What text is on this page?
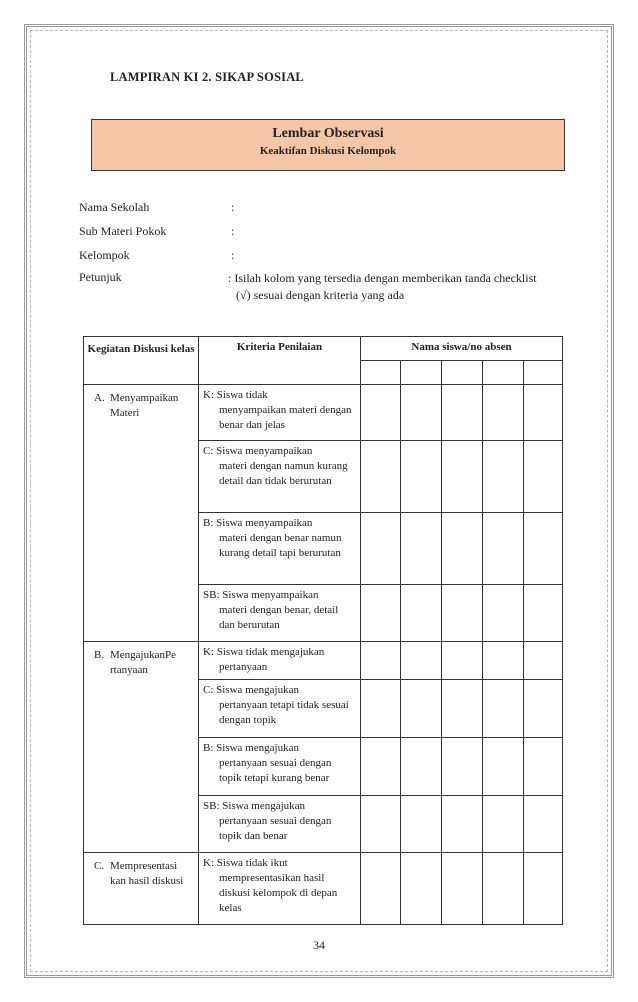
LAMPIRAN KI 2. SIKAP SOSIAL
Lembar Observasi
Keaktifan Diskusi Kelompok
Nama Sekolah	:
Sub Materi Pokok	:
Kelompok	:
Petunjuk	: Isilah kolom yang tersedia dengan memberikan tanda checklist
(√) sesuai dengan kriteria yang ada
Kegiatan Diskusi kelas	Kriteria Penilaian	Nama siswa/no absen				

A. Menyampaikan Materi	K: Siswa tidak
menyampaikan materi dengan benar dan jelas					

	C: Siswa menyampaikan
materi dengan namun kurang detail dan tidak berurutan					

	B: Siswa menyampaikan
materi dengan benar namun kurang detail tapi berurutan					

	SB: Siswa menyampaikan
materi dengan benar, detail dan berurutan					

B. MengajukanPe rtanyaan	K: Siswa tidak mengajukan
pertanyaan					

	C: Siswa mengajukan
pertanyaan tetapi tidak sesuai dengan topik					

	B: Siswa mengajukan
pertanyaan sesuai dengan topik tetapi kurang benar					

	SB: Siswa mengajukan
pertanyaan sesuai dengan topik dan benar					

C. Mempresentasi kan hasil diskusi	K: Siswa tidak ikut
mempresentasikan hasil diskusi kelompok di depan kelas					

34
